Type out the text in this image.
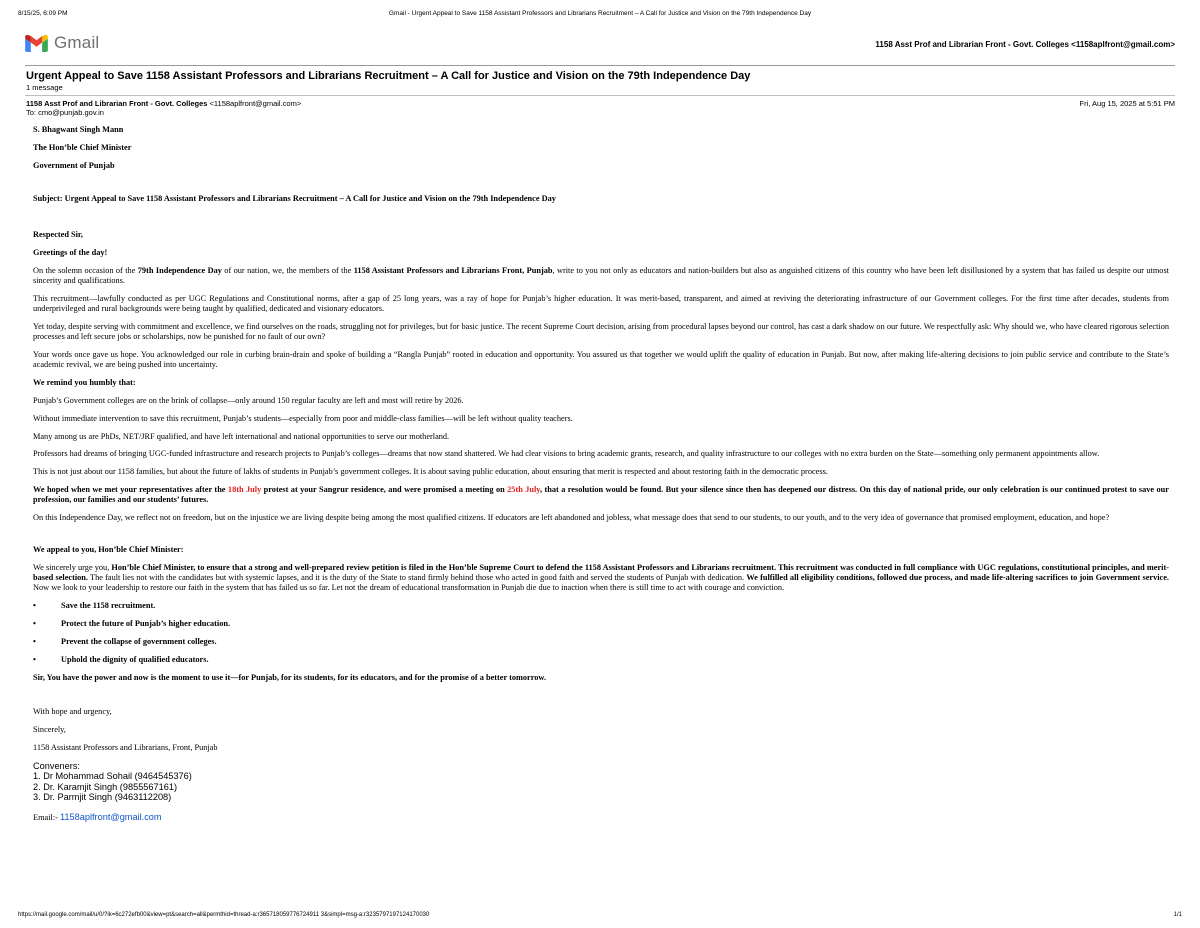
8/15/25, 6:09 PM	Gmail - Urgent Appeal to Save 1158 Assistant Professors and Librarians Recruitment – A Call for Justice and Vision on the 79th Independence Day
Gmail	1158 Asst Prof and Librarian Front - Govt. Colleges <1158aplfront@gmail.com>
Urgent Appeal to Save 1158 Assistant Professors and Librarians Recruitment – A Call for Justice and Vision on the 79th Independence Day
1 message
1158 Asst Prof and Librarian Front - Govt. Colleges <1158aplfront@gmail.com>	Fri, Aug 15, 2025 at 5:51 PM
To: cmo@punjab.gov.in

S. Bhagwant Singh Mann

The Hon’ble Chief Minister

Government of Punjab

Subject: Urgent Appeal to Save 1158 Assistant Professors and Librarians Recruitment – A Call for Justice and Vision on the 79th Independence Day

Respected Sir,

Greetings of the day!

On the solemn occasion of the 79th Independence Day of our nation, we, the members of the 1158 Assistant Professors and Librarians Front, Punjab, write to you not only as educators and nation-builders but also as anguished citizens of this country who have been left disillusioned by a system that has failed us despite our utmost sincerity and qualifications.

This recruitment—lawfully conducted as per UGC Regulations and Constitutional norms, after a gap of 25 long years, was a ray of hope for Punjab’s higher education. It was merit-based, transparent, and aimed at reviving the deteriorating infrastructure of our Government colleges. For the first time after decades, students from underprivileged and rural backgrounds were being taught by qualified, dedicated and visionary educators.

Yet today, despite serving with commitment and excellence, we find ourselves on the roads, struggling not for privileges, but for basic justice. The recent Supreme Court decision, arising from procedural lapses beyond our control, has cast a dark shadow on our future. We respectfully ask: Why should we, who have cleared rigorous selection processes and left secure jobs or scholarships, now be punished for no fault of our own?

Your words once gave us hope. You acknowledged our role in curbing brain-drain and spoke of building a “Rangla Punjab” rooted in education and opportunity. You assured us that together we would uplift the quality of education in Punjab. But now, after making life-altering decisions to join public service and contribute to the State’s academic revival, we are being pushed into uncertainty.

We remind you humbly that:

Punjab’s Government colleges are on the brink of collapse—only around 150 regular faculty are left and most will retire by 2026.

Without immediate intervention to save this recruitment, Punjab’s students—especially from poor and middle-class families—will be left without quality teachers.

Many among us are PhDs, NET/JRF qualified, and have left international and national opportunities to serve our motherland.

Professors had dreams of bringing UGC-funded infrastructure and research projects to Punjab’s colleges—dreams that now stand shattered. We had clear visions to bring academic grants, research, and quality infrastructure to our colleges with no extra burden on the State—something only permanent appointments allow.

This is not just about our 1158 families, but about the future of lakhs of students in Punjab’s government colleges. It is about saving public education, about ensuring that merit is respected and about restoring faith in the democratic process.

We hoped when we met your representatives after the 18th July protest at your Sangrur residence, and were promised a meeting on 25th July, that a resolution would be found. But your silence since then has deepened our distress. On this day of national pride, our only celebration is our continued protest to save our profession, our families and our students’ futures.

On this Independence Day, we reflect not on freedom, but on the injustice we are living despite being among the most qualified citizens. If educators are left abandoned and jobless, what message does that send to our students, to our youth, and to the very idea of governance that promised employment, education, and hope?

We appeal to you, Hon’ble Chief Minister:

We sincerely urge you, Hon’ble Chief Minister, to ensure that a strong and well-prepared review petition is filed in the Hon’ble Supreme Court to defend the 1158 Assistant Professors and Librarians recruitment. This recruitment was conducted in full compliance with UGC regulations, constitutional principles, and merit-based selection. The fault lies not with the candidates but with systemic lapses, and it is the duty of the State to stand firmly behind those who acted in good faith and served the students of Punjab with dedication. We fulfilled all eligibility conditions, followed due process, and made life-altering sacrifices to join Government service. Now we look to your leadership to restore our faith in the system that has failed us so far. Let not the dream of educational transformation in Punjab die due to inaction when there is still time to act with courage and conviction.

• Save the 1158 recruitment.
• Protect the future of Punjab’s higher education.
• Prevent the collapse of government colleges.
• Uphold the dignity of qualified educators.

Sir, You have the power and now is the moment to use it—for Punjab, for its students, for its educators, and for the promise of a better tomorrow.

With hope and urgency,

Sincerely,

1158 Assistant Professors and Librarians, Front, Punjab

Conveners:
1. Dr Mohammad Sohail (9464545376)
2. Dr. Karamjit Singh (9855567161)
3. Dr. Parmjit Singh (9463112208)
Email:- 1158aplfront@gmail.com
https://mail.google.com/mail/u/0/?ik=6c272efb00&view=pt&search=all&permthid=thread-a:r365718059776724911 3&simpl=msg-a:r3235797197124170030	1/1
